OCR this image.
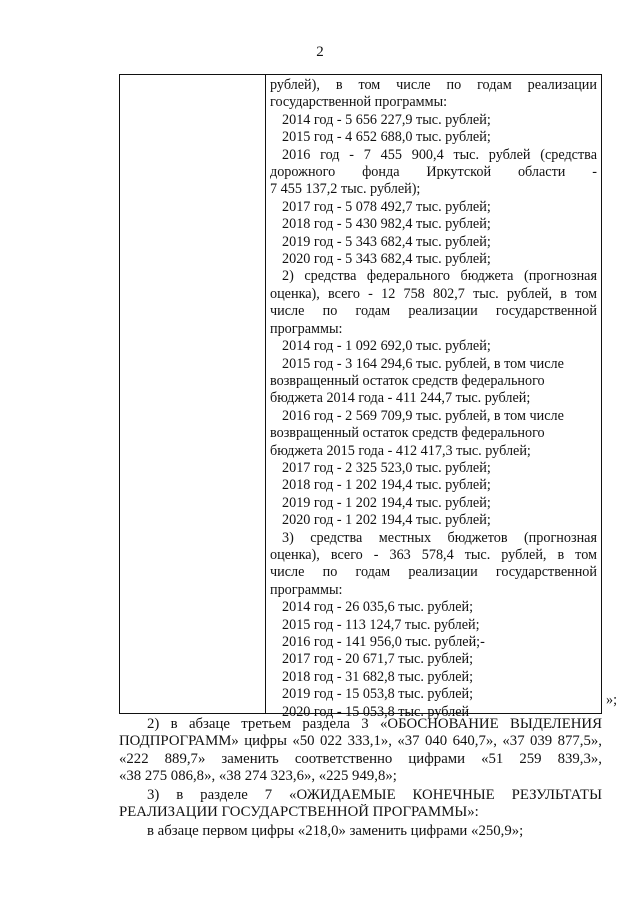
2
рублей), в том числе по годам реализации
государственной программы:
2014 год - 5 656 227,9 тыс. рублей;
2015 год - 4 652 688,0 тыс. рублей;
2016 год - 7 455 900,4 тыс. рублей (средства
дорожного фонда Иркутской области -
7 455 137,2 тыс. рублей);
2017 год - 5 078 492,7 тыс. рублей;
2018 год - 5 430 982,4 тыс. рублей;
2019 год - 5 343 682,4 тыс. рублей;
2020 год - 5 343 682,4 тыс. рублей;
2) средства федерального бюджета (прогнозная
оценка), всего - 12 758 802,7 тыс. рублей, в том
числе по годам реализации государственной
программы:
2014 год - 1 092 692,0 тыс. рублей;
2015 год - 3 164 294,6 тыс. рублей, в том числе
возвращенный остаток средств федерального
бюджета 2014 года - 411 244,7 тыс. рублей;
2016 год - 2 569 709,9 тыс. рублей, в том числе
возвращенный остаток средств федерального
бюджета 2015 года - 412 417,3 тыс. рублей;
2017 год - 2 325 523,0 тыс. рублей;
2018 год - 1 202 194,4 тыс. рублей;
2019 год - 1 202 194,4 тыс. рублей;
2020 год - 1 202 194,4 тыс. рублей;
3) средства местных бюджетов (прогнозная
оценка), всего - 363 578,4 тыс. рублей, в том
числе по годам реализации государственной
программы:
2014 год - 26 035,6 тыс. рублей;
2015 год - 113 124,7 тыс. рублей;
2016 год - 141 956,0 тыс. рублей;-
2017 год - 20 671,7 тыс. рублей;
2018 год - 31 682,8 тыс. рублей;
2019 год - 15 053,8 тыс. рублей;
2020 год - 15 053,8 тыс. рублей
»;
2) в абзаце третьем раздела 3 «ОБОСНОВАНИЕ ВЫДЕЛЕНИЯ
ПОДПРОГРАММ» цифры «50 022 333,1», «37 040 640,7», «37 039 877,5»,
«222 889,7» заменить соответственно цифрами «51 259 839,3»,
«38 275 086,8», «38 274 323,6», «225 949,8»;
3) в разделе 7 «ОЖИДАЕМЫЕ КОНЕЧНЫЕ РЕЗУЛЬТАТЫ
РЕАЛИЗАЦИИ ГОСУДАРСТВЕННОЙ ПРОГРАММЫ»:
в абзаце первом цифры «218,0» заменить цифрами «250,9»;
